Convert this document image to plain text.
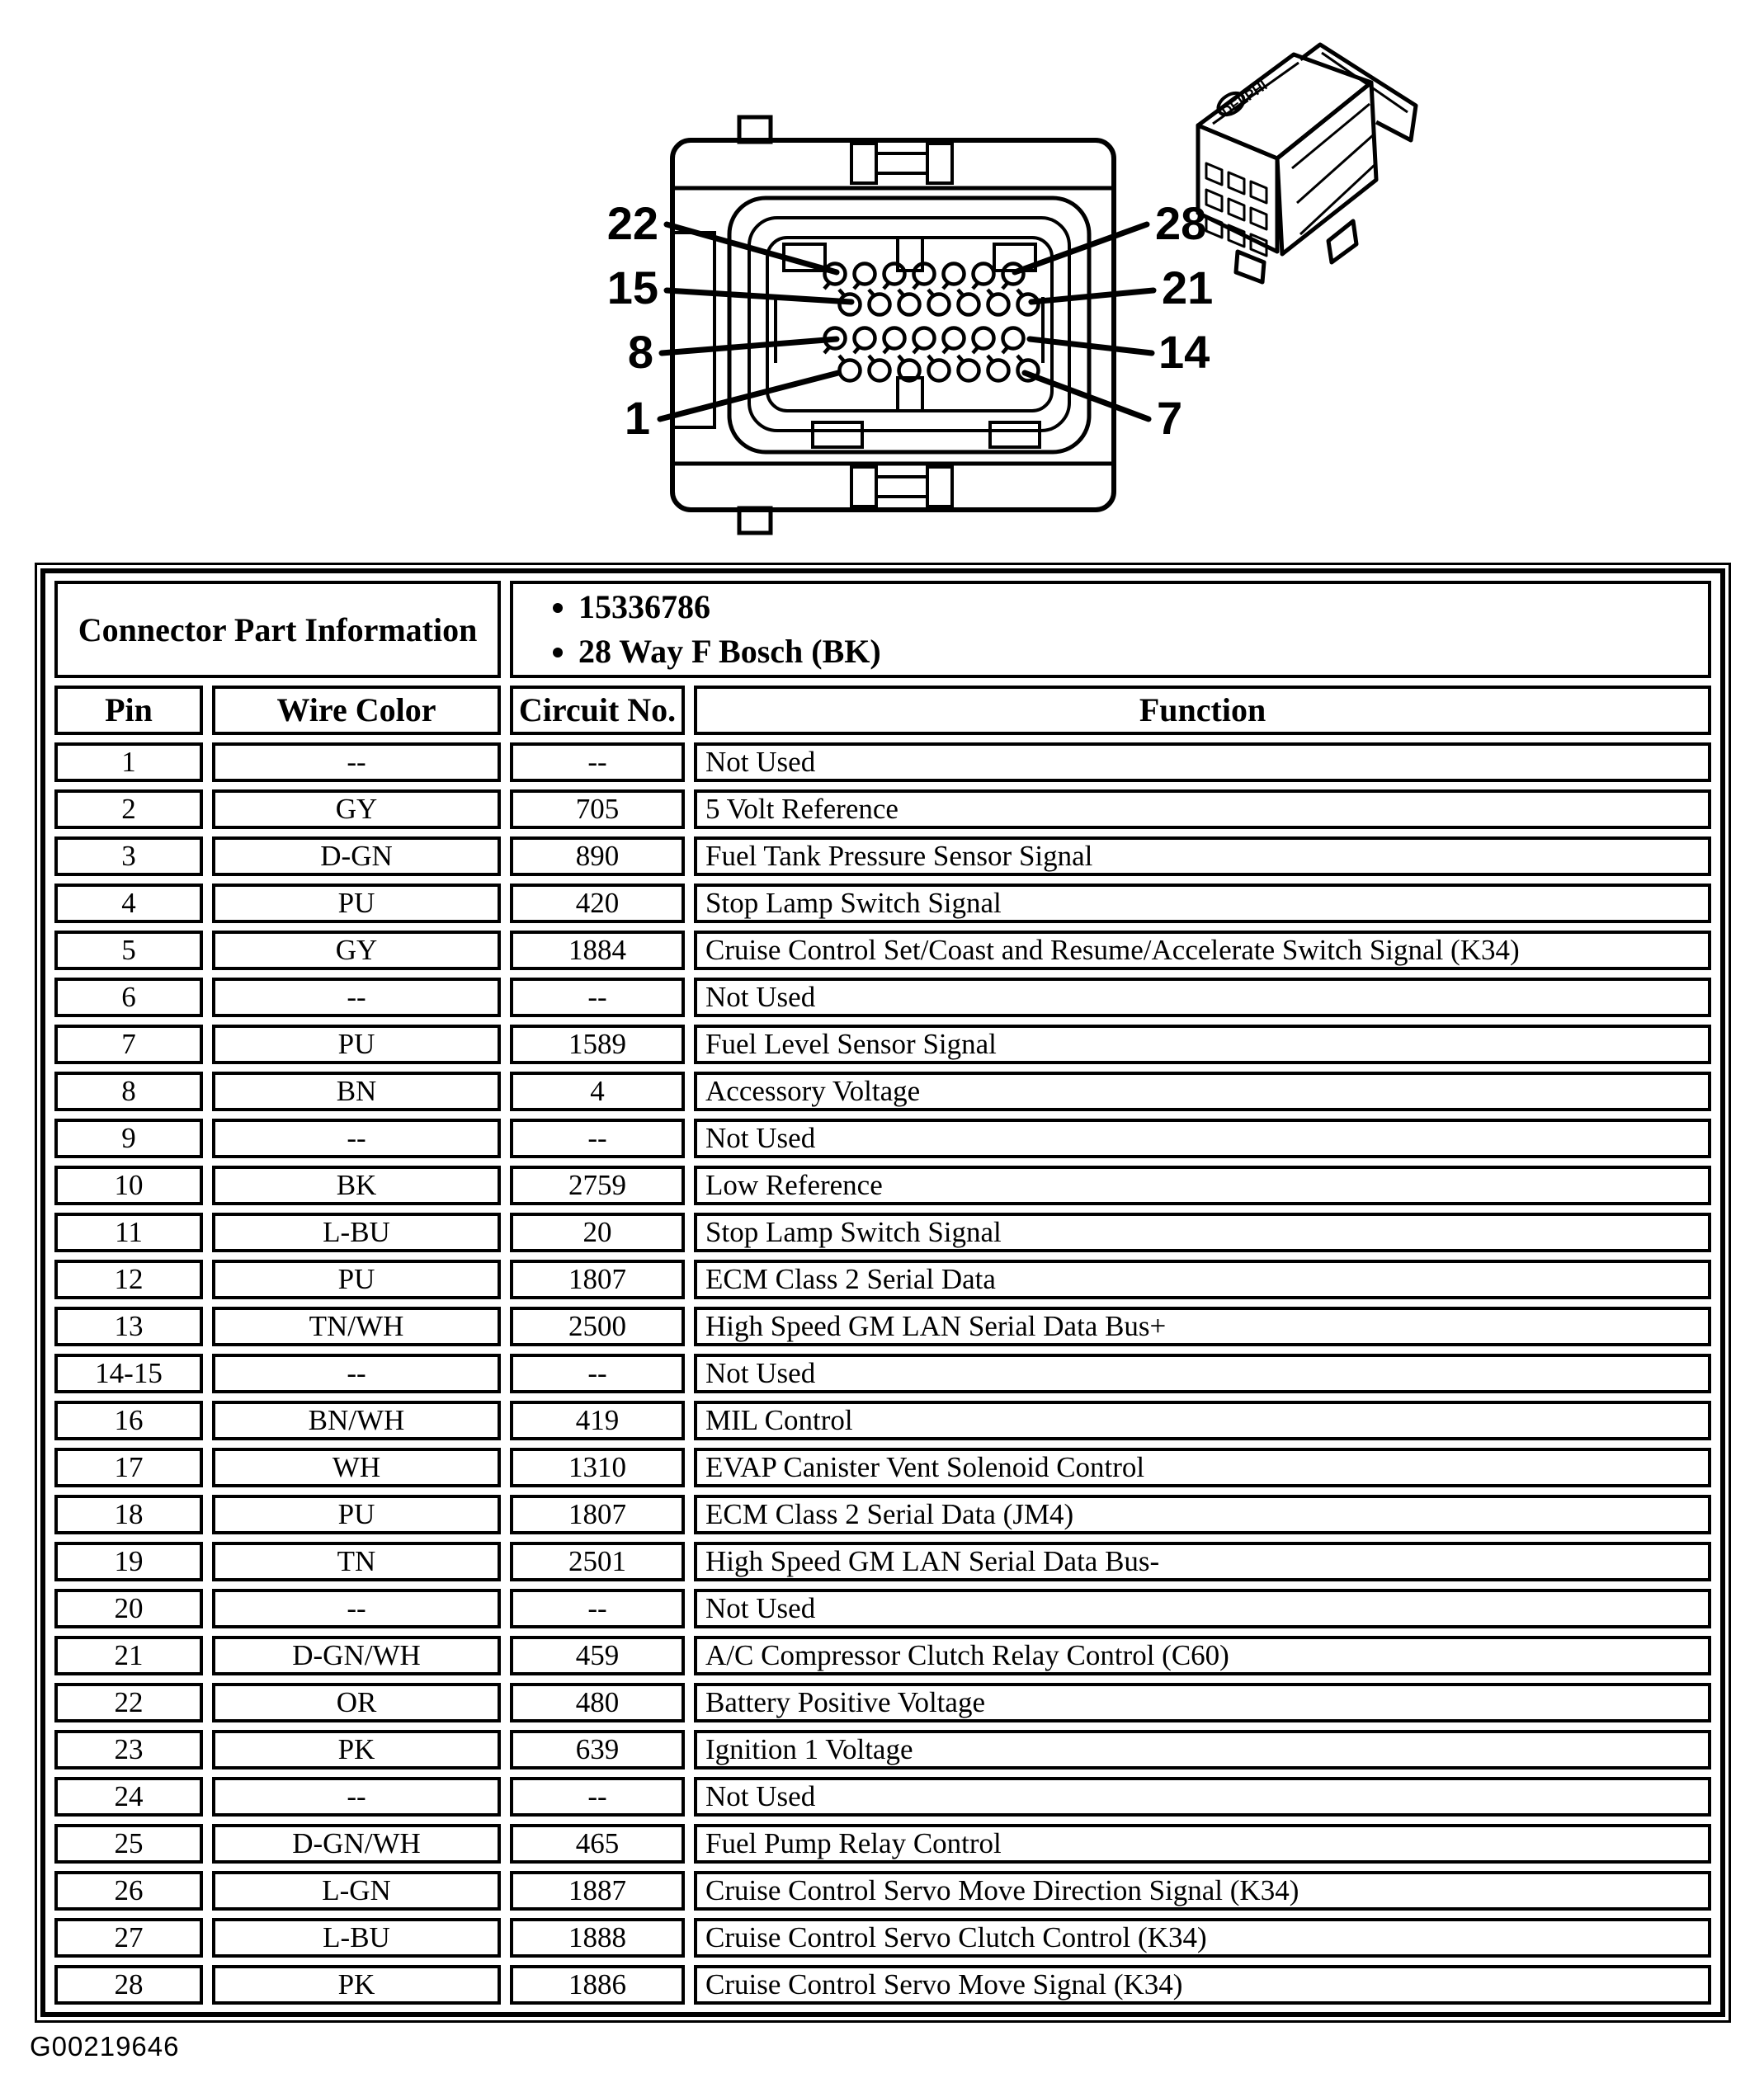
22
15
8
1
28
21
14
7
DELPHI
Connector Part Information	
• 15336786
• 28 Way F Bosch (BK)

Pin	Wire Color	Circuit No.	Function
1	--	--	Not Used
2	GY	705	5 Volt Reference
3	D-GN	890	Fuel Tank Pressure Sensor Signal
4	PU	420	Stop Lamp Switch Signal
5	GY	1884	Cruise Control Set/Coast and Resume/Accelerate Switch Signal (K34)
6	--	--	Not Used
7	PU	1589	Fuel Level Sensor Signal
8	BN	4	Accessory Voltage
9	--	--	Not Used
10	BK	2759	Low Reference
11	L-BU	20	Stop Lamp Switch Signal
12	PU	1807	ECM Class 2 Serial Data
13	TN/WH	2500	High Speed GM LAN Serial Data Bus+
14-15	--	--	Not Used
16	BN/WH	419	MIL Control
17	WH	1310	EVAP Canister Vent Solenoid Control
18	PU	1807	ECM Class 2 Serial Data (JM4)
19	TN	2501	High Speed GM LAN Serial Data Bus-
20	--	--	Not Used
21	D-GN/WH	459	A/C Compressor Clutch Relay Control (C60)
22	OR	480	Battery Positive Voltage
23	PK	639	Ignition 1 Voltage
24	--	--	Not Used
25	D-GN/WH	465	Fuel Pump Relay Control
26	L-GN	1887	Cruise Control Servo Move Direction Signal (K34)
27	L-BU	1888	Cruise Control Servo Clutch Control (K34)
28	PK	1886	Cruise Control Servo Move Signal (K34)
G00219646
